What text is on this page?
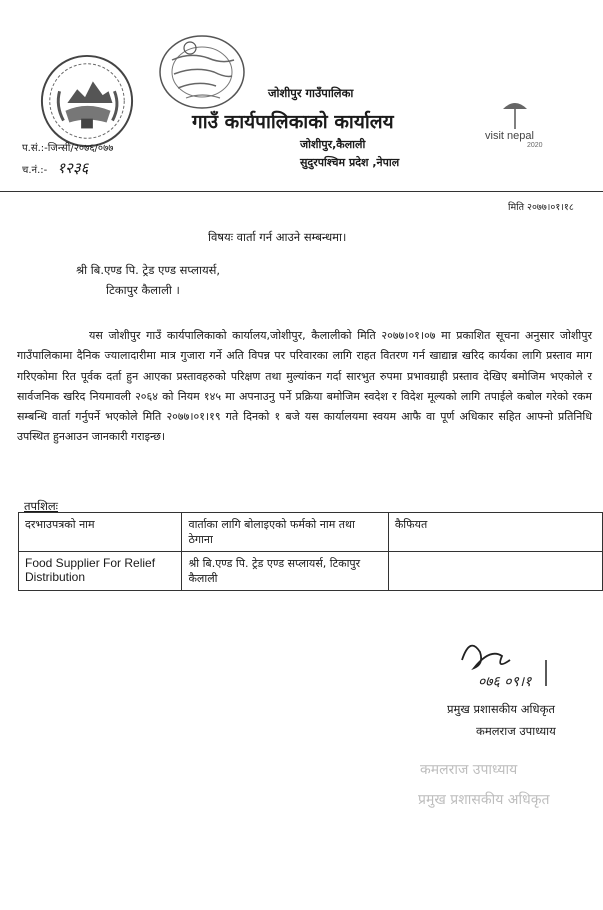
visit nepal
2020
जोशीपुर गाउँपालिका
गाउँ कार्यपालिकाको कार्यालय
जोशीपुर,कैलाली
सुदुरपश्चिम प्रदेश ,नेपाल
प.सं.:-जिन्सी/२०७६/०७७
च.नं.:- १२३६
मिति २०७७।०१।१८
विषयः वार्ता गर्न आउने सम्बन्धमा।
श्री बि.एण्ड पि. ट्रेड एण्ड सप्लायर्स,
टिकापुर कैलाली ।
यस जोशीपुर गाउँ कार्यपालिकाको कार्यालय,जोशीपुर, कैलालीको मिति २०७७।०१।०७ मा प्रकाशित सूचना अनुसार जोशीपुर गाउँपालिकामा दैनिक ज्यालादारीमा मात्र गुजारा गर्ने अति विपन्न पर परिवारका लागि राहत वितरण गर्न खाद्यान्न खरिद कार्यका लागि प्रस्ताव माग गरिएकोमा रित पूर्वक दर्ता हुन आएका प्रस्तावहरुको परिक्षण तथा मुल्यांकन गर्दा सारभुत रुपमा प्रभावग्राही प्रस्ताव देखिए बमोजिम भएकोले र सार्वजनिक खरिद नियमावली २०६४ को नियम १४५ मा अपनाउनु पर्ने प्रक्रिया बमोजिम स्वदेश र विदेश मूल्यको लागि तपाईले कबोल गरेको रकम सम्बन्धि वार्ता गर्नुपर्ने भएकोले मिति २०७७।०१।१९ गते दिनको १ बजे यस कार्यालयमा स्वयम आफै वा पूर्ण अधिकार सहित आफ्नो प्रतिनिधि उपस्थित हुनआउन जानकारी गराइन्छ।
तपशिलः
दरभाउपत्रको नाम	वार्ताका लागि बोलाइएको फर्मको नाम तथा ठेगाना	कैफियत
Food Supplier For Relief Distribution	श्री बि.एण्ड पि. ट्रेड एण्ड सप्लायर्स, टिकापुर कैलाली	
०७६ ०९।१
प्रमुख प्रशासकीय अधिकृत
कमलराज उपाध्याय
कमलराज उपाध्याय
प्रमुख प्रशासकीय अधिकृत
